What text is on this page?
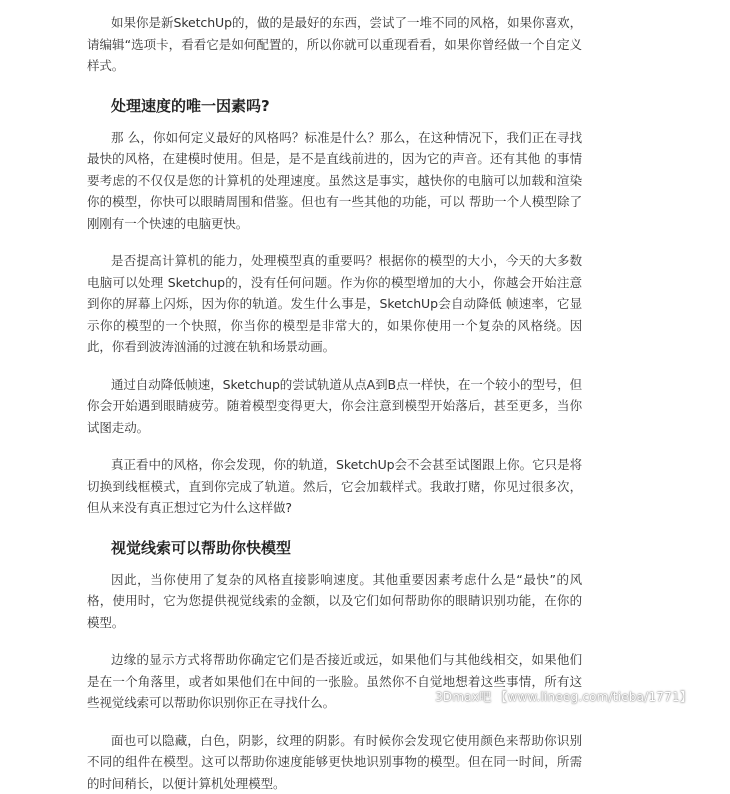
如果你是新SketchUp的，做的是最好的东西，尝试了一堆不同的风格，如果你喜欢，请编辑“选项卡，看看它是如何配置的，所以你就可以重现看看，如果你曾经做一个自定义样式。

处理速度的唯一因素吗?

那 么，你如何定义最好的风格吗？标准是什么？那么，在这种情况下，我们正在寻找最快的风格，在建模时使用。但是，是不是直线前进的，因为它的声音。还有其他 的事情要考虑的不仅仅是您的计算机的处理速度。虽然这是事实，越快你的电脑可以加载和渲染你的模型，你快可以眼睛周围和借鉴。但也有一些其他的功能，可以 帮助一个人模型除了刚刚有一个快速的电脑更快。

是否提高计算机的能力，处理模型真的重要吗？根据你的模型的大小，今天的大多数电脑可以处理 Sketchup的，没有任何问题。作为你的模型增加的大小，你越会开始注意到你的屏幕上闪烁，因为你的轨道。发生什么事是，SketchUp会自动降低 帧速率，它显示你的模型的一个快照，你当你的模型是非常大的，如果你使用一个复杂的风格绕。因此，你看到波涛汹涌的过渡在轨和场景动画。

通过自动降低帧速，Sketchup的尝试轨道从点A到B点一样快，在一个较小的型号，但你会开始遇到眼睛疲劳。随着模型变得更大，你会注意到模型开始落后，甚至更多，当你试图走动。

真正看中的风格，你会发现，你的轨道，SketchUp会不会甚至试图跟上你。它只是将切换到线框模式，直到你完成了轨道。然后，它会加载样式。我敢打赌，你见过很多次，但从来没有真正想过它为什么这样做?

视觉线索可以帮助你快模型

因此，当你使用了复杂的风格直接影响速度。其他重要因素考虑什么是“最快”的风格，使用时，它为您提供视觉线索的金额，以及它们如何帮助你的眼睛识别功能，在你的模型。

边缘的显示方式将帮助你确定它们是否接近或远，如果他们与其他线相交，如果他们是在一个角落里，或者如果他们在中间的一张脸。虽然你不自觉地想着这些事情，所有这些视觉线索可以帮助你识别你正在寻找什么。

面也可以隐藏，白色，阴影，纹理的阴影。有时候你会发现它使用颜色来帮助你识别不同的组件在模型。这可以帮助你速度能够更快地识别事物的模型。但在同一时间，所需的时间稍长，以便计算机处理模型。

3Dmax吧 【www.lineeg.com/tieba/1771】
